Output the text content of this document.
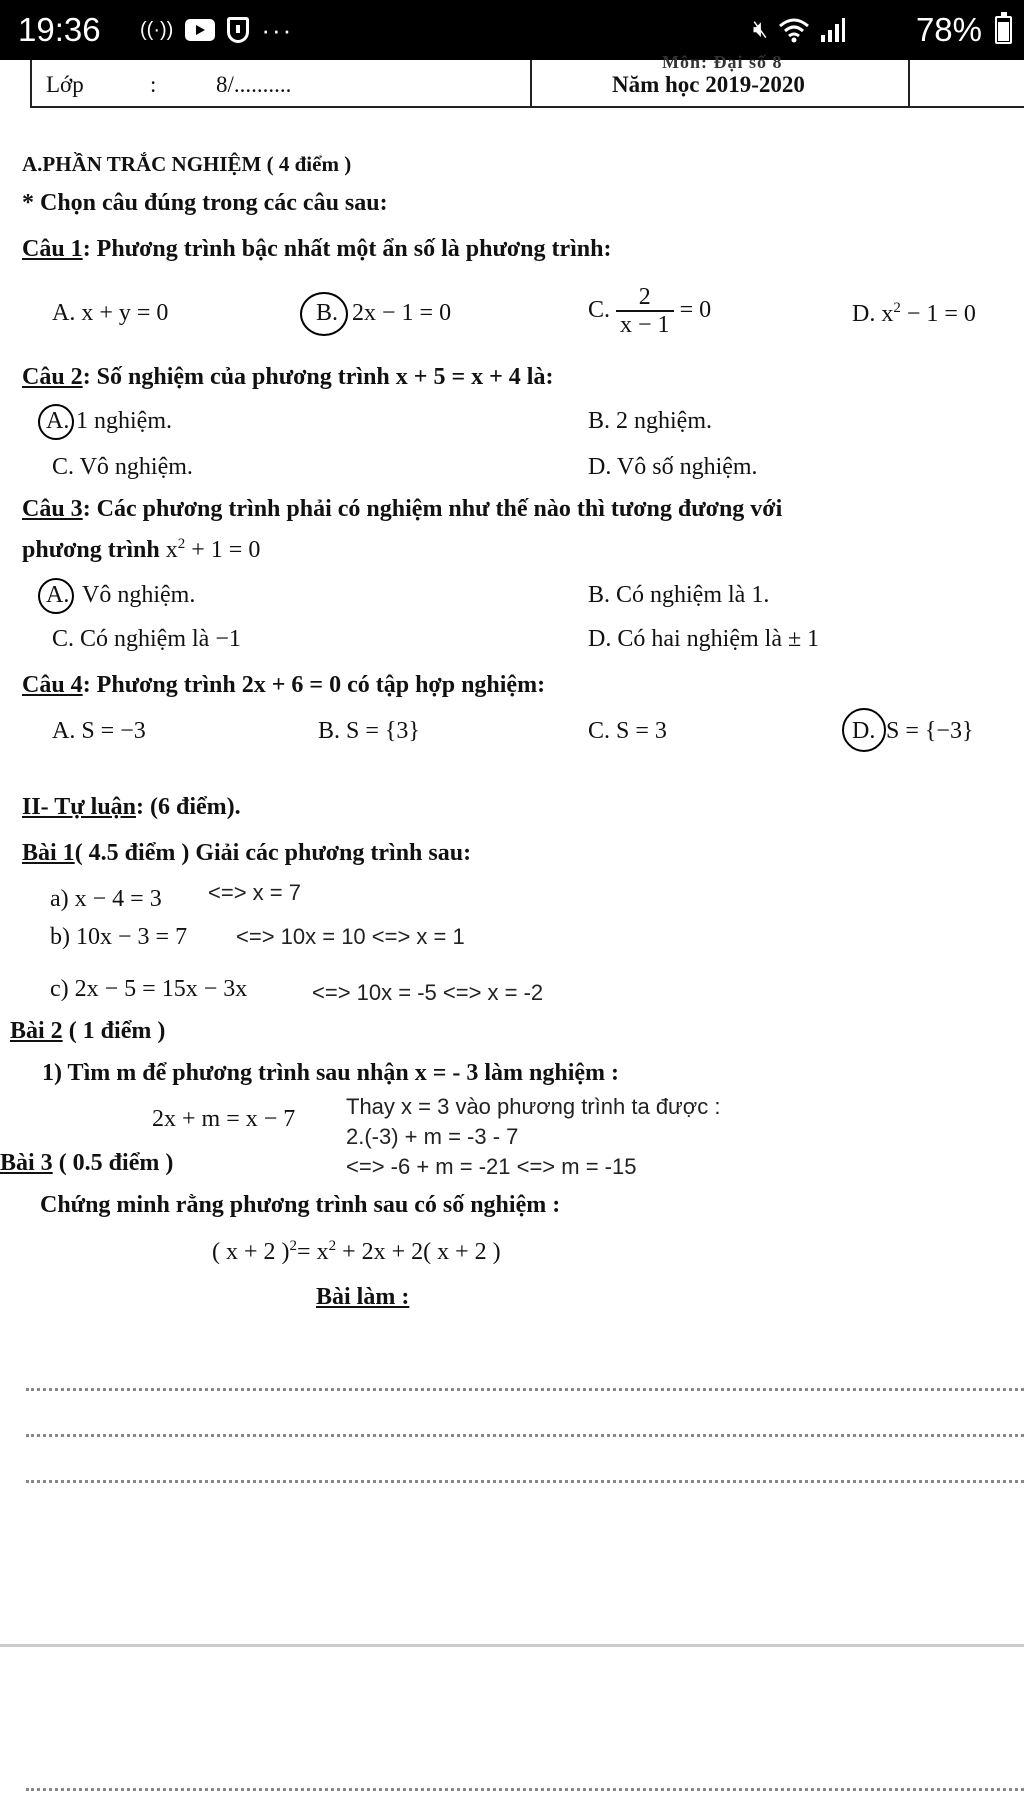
19:36 ((·))	···	🔇︎	78%
Môn: Đại số 8
Lớp	:	8/..........	Năm học 2019-2020
A.PHẦN TRẮC NGHIỆM ( 4 điểm )
* Chọn câu đúng trong các câu sau:
Câu 1: Phương trình bậc nhất một ẩn số là phương trình:
A. x + y = 0	B. 2x − 1 = 0	C. $\frac{2}{x - 1} = 0$	D. $x^2 - 1 = 0$
Câu 2: Số nghiệm của phương trình x + 5 = x + 4 là:
A. 1 nghiệm.	B. 2 nghiệm.
C. Vô nghiệm.	D. Vô số nghiệm.
Câu 3: Các phương trình phải có nghiệm như thế nào thì tương đương với
phương trình $x^2 + 1 = 0$
A. Vô nghiệm.	B. Có nghiệm là 1.
C. Có nghiệm là −1	D. Có hai nghiệm là ± 1
Câu 4: Phương trình 2x + 6 = 0 có tập hợp nghiệm:
A. S = −3	B. S = {3}	C. S = 3	D. S = {−3}
II- Tự luận: (6 điểm).
Bài 1( 4.5 điểm ) Giải các phương trình sau:
a) x − 4 = 3 <=> x = 7
b) 10x − 3 = 7 <=> 10x = 10 <=> x = 1
c) 2x − 5 = 15x − 3x	<=> 10x = -5 <=> x = -2
Bài 2 ( 1 điểm )
1) Tìm m để phương trình sau nhận x = - 3 làm nghiệm :
2x + m = x − 7 Thay x = 3 vào phương trình ta được :
2.(-3) + m = -3 - 7
<=> -6 + m = -21 <=> m = -15
Bài 3 ( 0.5 điểm )
Chứng minh rằng phương trình sau có số nghiệm :
( x + 2 )$^2= x^2 + 2x + 2$( x + 2 )
Bài làm :
